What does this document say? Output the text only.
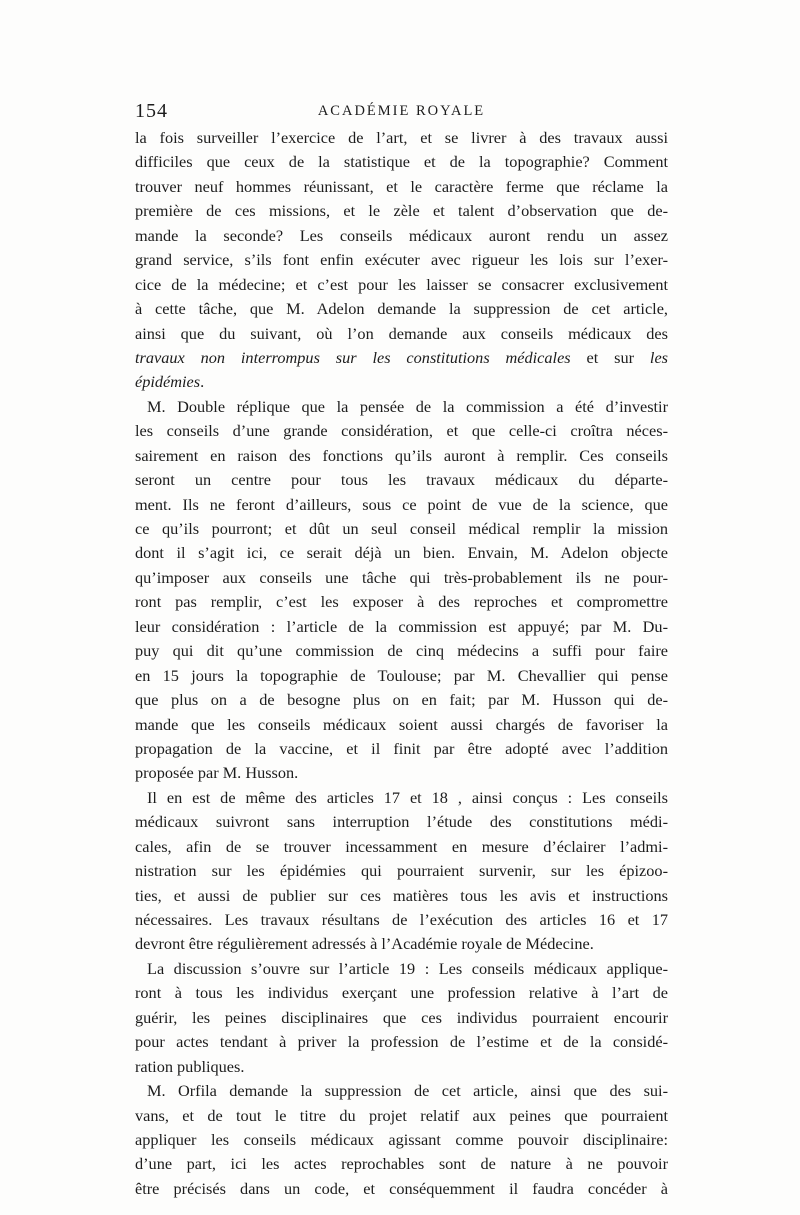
154	ACADÉMIE ROYALE
la fois surveiller l’exercice de l’art, et se livrer à des travaux aussi
difficiles que ceux de la statistique et de la topographie? Comment
trouver neuf hommes réunissant, et le caractère ferme que réclame la
première de ces missions, et le zèle et talent d’observation que de-
mande la seconde? Les conseils médicaux auront rendu un assez
grand service, s’ils font enfin exécuter avec rigueur les lois sur l’exer-
cice de la médecine; et c’est pour les laisser se consacrer exclusivement
à cette tâche, que M. Adelon demande la suppression de cet article,
ainsi que du suivant, où l’on demande aux conseils médicaux des
travaux non interrompus sur les constitutions médicales et sur les
épidémies.
M. Double réplique que la pensée de la commission a été d’investir
les conseils d’une grande considération, et que celle-ci croîtra néces-
sairement en raison des fonctions qu’ils auront à remplir. Ces conseils
seront un centre pour tous les travaux médicaux du départe-
ment. Ils ne feront d’ailleurs, sous ce point de vue de la science, que
ce qu’ils pourront; et dût un seul conseil médical remplir la mission
dont il s’agit ici, ce serait déjà un bien. Envain, M. Adelon objecte
qu’imposer aux conseils une tâche qui très-probablement ils ne pour-
ront pas remplir, c’est les exposer à des reproches et compromettre
leur considération : l’article de la commission est appuyé; par M. Du-
puy qui dit qu’une commission de cinq médecins a suffi pour faire
en 15 jours la topographie de Toulouse; par M. Chevallier qui pense
que plus on a de besogne plus on en fait; par M. Husson qui de-
mande que les conseils médicaux soient aussi chargés de favoriser la
propagation de la vaccine, et il finit par être adopté avec l’addition
proposée par M. Husson.
Il en est de même des articles 17 et 18 , ainsi conçus : Les conseils
médicaux suivront sans interruption l’étude des constitutions médi-
cales, afin de se trouver incessamment en mesure d’éclairer l’admi-
nistration sur les épidémies qui pourraient survenir, sur les épizoo-
ties, et aussi de publier sur ces matières tous les avis et instructions
nécessaires. Les travaux résultans de l’exécution des articles 16 et 17
devront être régulièrement adressés à l’Académie royale de Médecine.
La discussion s’ouvre sur l’article 19 : Les conseils médicaux applique-
ront à tous les individus exerçant une profession relative à l’art de
guérir, les peines disciplinaires que ces individus pourraient encourir
pour actes tendant à priver la profession de l’estime et de la considé-
ration publiques.
M. Orfila demande la suppression de cet article, ainsi que des sui-
vans, et de tout le titre du projet relatif aux peines que pourraient
appliquer les conseils médicaux agissant comme pouvoir disciplinaire:
d’une part, ici les actes reprochables sont de nature à ne pouvoir
être précisés dans un code, et conséquemment il faudra concéder à
